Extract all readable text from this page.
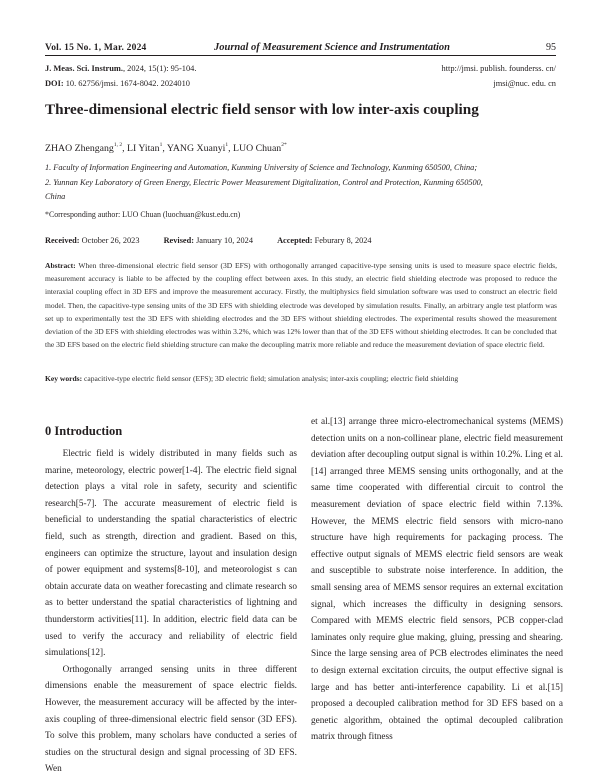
Vol. 15 No. 1, Mar. 2024	Journal of Measurement Science and Instrumentation	95
J. Meas. Sci. Instrum., 2024, 15(1): 95-104.
DOI: 10. 62756/jmsi. 1674-8042. 2024010
http://jmsi. publish. founderss. cn/
jmsi@nuc. edu. cn
Three-dimensional electric field sensor with low inter-axis coupling
ZHAO Zhengang$^{1, 2}$, LI Yitan$^1$, YANG Xuanyi$^1$, LUO Chuan$^{2*}$
1. Faculty of Information Engineering and Automation, Kunming University of Science and Technology, Kunming 650500, China;
2. Yunnan Key Laboratory of Green Energy, Electric Power Measurement Digitalization, Control and Protection, Kunming 650500,
China
*Corresponding author: LUO Chuan (luochuan@kust.edu.cn)
Received: October 26, 2023	Revised: January 10, 2024	Accepted: Feburary 8, 2024
Abstract: When three-dimensional electric field sensor (3D EFS) with orthogonally arranged capacitive-type sensing units is used to measure space electric fields, measurement accuracy is liable to be affected by the coupling effect between axes. In this study, an electric field shielding electrode was proposed to reduce the interaxial coupling effect in 3D EFS and improve the measurement accuracy. Firstly, the multiphysics field simulation software was used to construct an electric field model. Then, the capacitive-type sensing units of the 3D EFS with shielding electrode was developed by simulation results. Finally, an arbitrary angle test platform was set up to experimentally test the 3D EFS with shielding electrodes and the 3D EFS without shielding electrodes. The experimental results showed the measurement deviation of the 3D EFS with shielding electrodes was within 3.2%, which was 12% lower than that of the 3D EFS without shielding electrodes. It can be concluded that the 3D EFS based on the electric field shielding structure can make the decoupling matrix more reliable and reduce the measurement deviation of space electric field.
Key words: capacitive-type electric field sensor (EFS); 3D electric field; simulation analysis; inter-axis coupling; electric field shielding
0 Introduction

Electric field is widely distributed in many fields such as marine, meteorology, electric power[1-4]. The electric field signal detection plays a vital role in safety, security and scientific research[5-7]. The accurate measurement of electric field is beneficial to understanding the spatial characteristics of electric field, such as strength, direction and gradient. Based on this, engineers can optimize the structure, layout and insulation design of power equipment and systems[8-10], and meteorologist s can obtain accurate data on weather forecasting and climate research so as to better understand the spatial characteristics of lightning and thunderstorm activities[11]. In addition, electric field data can be used to verify the accuracy and reliability of electric field simulations[12].

Orthogonally arranged sensing units in three different dimensions enable the measurement of space electric fields. However, the measurement accuracy will be affected by the inter-axis coupling of three-dimensional electric field sensor (3D EFS). To solve this problem, many scholars have conducted a series of studies on the structural design and signal processing of 3D EFS. Wen

et al.[13] arrange three micro-electromechanical systems (MEMS) detection units on a non-collinear plane, electric field measurement deviation after decoupling output signal is within 10.2%. Ling et al.[14] arranged three MEMS sensing units orthogonally, and at the same time cooperated with differential circuit to control the measurement deviation of space electric field within 7.13%. However, the MEMS electric field sensors with micro-nano structure have high requirements for packaging process. The effective output signals of MEMS electric field sensors are weak and susceptible to substrate noise interference. In addition, the small sensing area of MEMS sensor requires an external excitation signal, which increases the difficulty in designing sensors. Compared with MEMS electric field sensors, PCB copper-clad laminates only require glue making, gluing, pressing and shearing. Since the large sensing area of PCB electrodes eliminates the need to design external excitation circuits, the output effective signal is large and has better anti-interference capability. Li et al.[15] proposed a decoupled calibration method for 3D EFS based on a genetic algorithm, obtained the optimal decoupled calibration matrix through fitness
